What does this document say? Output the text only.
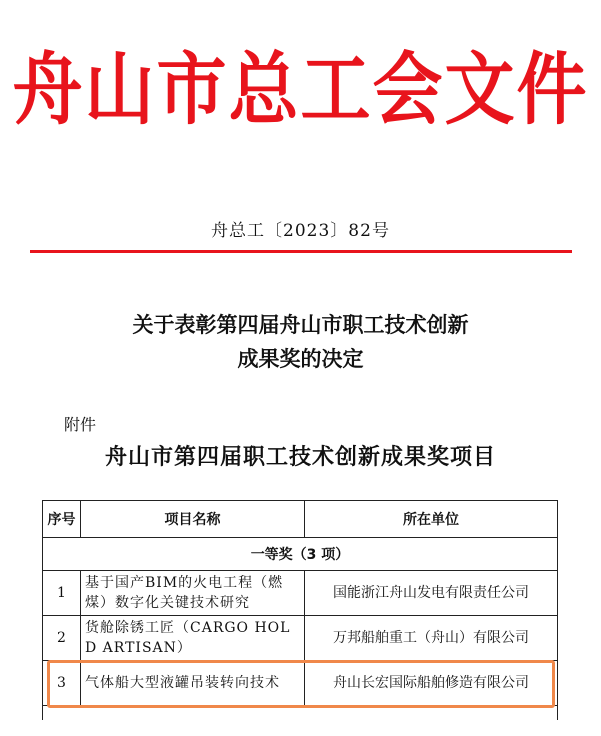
舟山市总工会文件
舟总工〔2023〕82号
关于表彰第四届舟山市职工技术创新
成果奖的决定
附件
舟山市第四届职工技术创新成果奖项目
序号	项目名称	所在单位
一等奖（3 项）		
1	基于国产BIM的火电工程（燃煤）数字化关键技术研究	国能浙江舟山发电有限责任公司
2	货舱除锈工匠（CARGO HOLD ARTISAN）	万邦船舶重工（舟山）有限公司
3	气体船大型液罐吊装转向技术	舟山长宏国际船舶修造有限公司
